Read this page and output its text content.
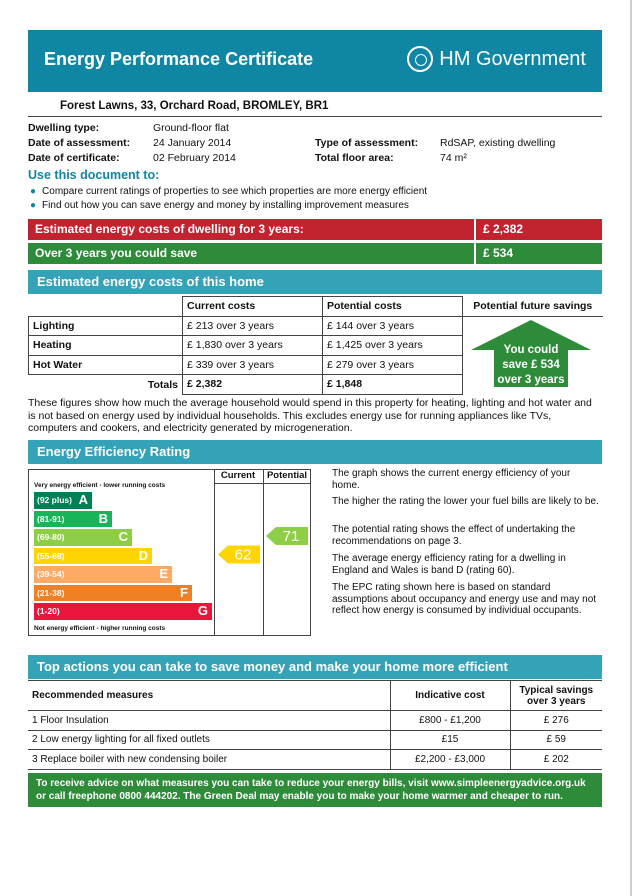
Energy Performance Certificate	HM Government
Forest Lawns, 33, Orchard Road, BROMLEY, BR1
Dwelling type:	Ground-floor flat
Date of assessment: 24 January 2014
Date of certificate:	02 February 2014
Type of assessment: RdSAP, existing dwelling
Total floor area:	74 m²
Use this document to:
● Compare current ratings of properties to see which properties are more energy efficient
● Find out how you can save energy and money by installing improvement measures
Estimated energy costs of dwelling for 3 years:	£ 2,382
Over 3 years you could save	£ 534
Estimated energy costs of this home
	Current costs	Potential costs	Potential future savings
Lighting	£ 213 over 3 years	£ 144 over 3 years	
Heating	£ 1,830 over 3 years	£ 1,425 over 3 years	
Hot Water	£ 339 over 3 years	£ 279 over 3 years	
Totals	£ 2,382	£ 1,848	
You could
save £ 534
over 3 years
These figures show how much the average household would spend in this property for heating, lighting and hot water and is not based on energy used by individual households. This excludes energy use for running appliances like TVs, computers and cookers, and electricity generated by microgeneration.
Energy Efficiency Rating
Very energy efficient - lower running costs
(92 plus) A
(81-91)	B
(69-80)	C
(55-68)	D
(39-54)	E
(21-38)	F
(1-20)	G
Not energy efficient - higher running costs
Current	Potential
62
71
The graph shows the current energy efficiency of your home.
The higher the rating the lower your fuel bills are likely to be.
The potential rating shows the effect of undertaking the recommendations on page 3.
The average energy efficiency rating for a dwelling in England and Wales is band D (rating 60).
The EPC rating shown here is based on standard assumptions about occupancy and energy use and may not reflect how energy is consumed by individual occupants.
Top actions you can take to save money and make your home more efficient
Recommended measures	Indicative cost	Typical savings over 3 years
1 Floor Insulation	£800 - £1,200	£ 276
2 Low energy lighting for all fixed outlets	£15	£ 59
3 Replace boiler with new condensing boiler	£2,200 - £3,000	£ 202
To receive advice on what measures you can take to reduce your energy bills, visit www.simpleenergyadvice.org.uk or call freephone 0800 444202. The Green Deal may enable you to make your home warmer and cheaper to run.
